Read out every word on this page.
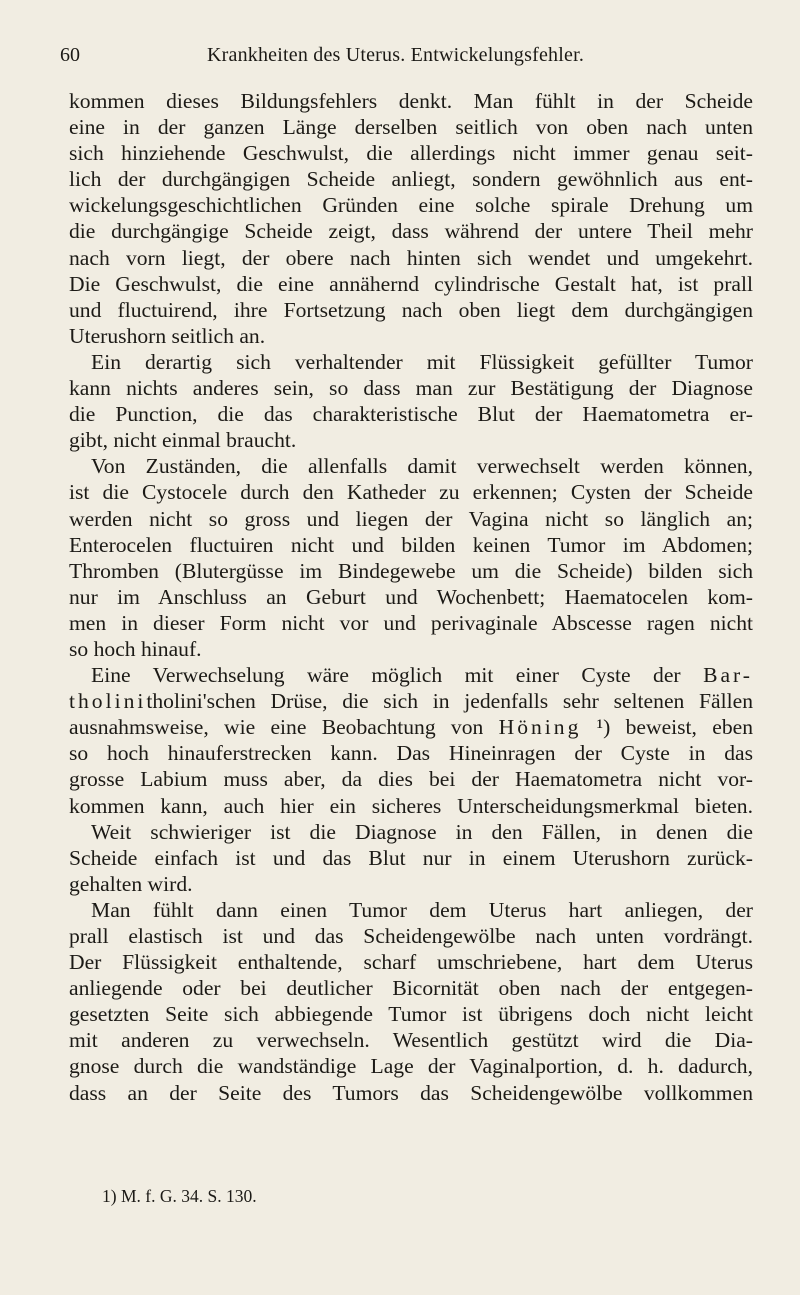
60	Krankheiten des Uterus. Entwickelungsfehler.
kommen dieses Bildungsfehlers denkt. Man fühlt in der Scheide
eine in der ganzen Länge derselben seitlich von oben nach unten
sich hinziehende Geschwulst, die allerdings nicht immer genau seit-
lich der durchgängigen Scheide anliegt, sondern gewöhnlich aus ent-
wickelungsgeschichtlichen Gründen eine solche spirale Drehung um
die durchgängige Scheide zeigt, dass während der untere Theil mehr
nach vorn liegt, der obere nach hinten sich wendet und umgekehrt.
Die Geschwulst, die eine annähernd cylindrische Gestalt hat, ist prall
und fluctuirend, ihre Fortsetzung nach oben liegt dem durchgängigen
Uterushorn seitlich an.
Ein derartig sich verhaltender mit Flüssigkeit gefüllter Tumor
kann nichts anderes sein, so dass man zur Bestätigung der Diagnose
die Punction, die das charakteristische Blut der Haematometra er-
gibt, nicht einmal braucht.
Von Zuständen, die allenfalls damit verwechselt werden können,
ist die Cystocele durch den Katheder zu erkennen; Cysten der Scheide
werden nicht so gross und liegen der Vagina nicht so länglich an;
Enterocelen fluctuiren nicht und bilden keinen Tumor im Abdomen;
Thromben (Blutergüsse im Bindegewebe um die Scheide) bilden sich
nur im Anschluss an Geburt und Wochenbett; Haematocelen kom-
men in dieser Form nicht vor und perivaginale Abscesse ragen nicht
so hoch hinauf.
Eine Verwechselung wäre möglich mit einer Cyste der Bar-
tholinitholini'schen Drüse, die sich in jedenfalls sehr seltenen Fällen
ausnahmsweise, wie eine Beobachtung von Höning ¹) beweist, eben
so hoch hinauferstrecken kann. Das Hineinragen der Cyste in das
grosse Labium muss aber, da dies bei der Haematometra nicht vor-
kommen kann, auch hier ein sicheres Unterscheidungsmerkmal bieten.
Weit schwieriger ist die Diagnose in den Fällen, in denen die
Scheide einfach ist und das Blut nur in einem Uterushorn zurück-
gehalten wird.
Man fühlt dann einen Tumor dem Uterus hart anliegen, der
prall elastisch ist und das Scheidengewölbe nach unten vordrängt.
Der Flüssigkeit enthaltende, scharf umschriebene, hart dem Uterus
anliegende oder bei deutlicher Bicornität oben nach der entgegen-
gesetzten Seite sich abbiegende Tumor ist übrigens doch nicht leicht
mit anderen zu verwechseln. Wesentlich gestützt wird die Dia-
gnose durch die wandständige Lage der Vaginalportion, d. h. dadurch,
dass an der Seite des Tumors das Scheidengewölbe vollkommen
1) M. f. G. 34. S. 130.
